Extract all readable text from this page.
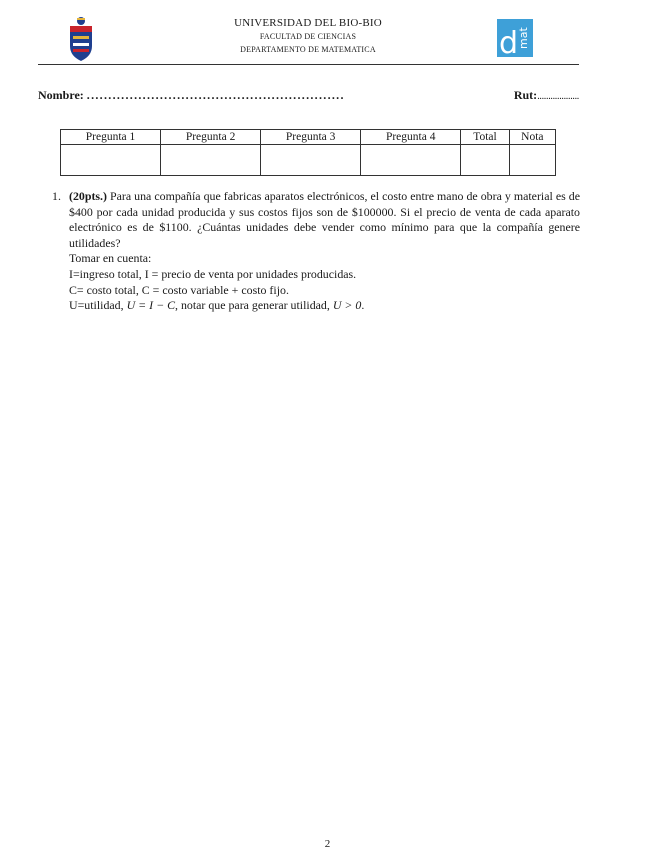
UNIVERSIDAD DEL BIO-BIO
FACULTAD DE CIENCIAS
DEPARTAMENTO DE MATEMATICA	d
mat
Nombre: ............................................................	Rut:...................
Pregunta 1	Pregunta 2	Pregunta 3	Pregunta 4	Total	Nota

1. (20pts.) Para una compañía que fabricas aparatos electrónicos, el costo entre mano de obra y material es de $400 por cada unidad producida y sus costos fijos son de $100000. Si el precio de venta de cada aparato electrónico es de $1100. ¿Cuántas unidades debe vender como mínimo para que la compañía genere utilidades?
Tomar en cuenta:
I=ingreso total, I = precio de venta por unidades producidas.
C= costo total, C = costo variable + costo fijo.
U=utilidad, U = I − C, notar que para generar utilidad, U > 0.
2
